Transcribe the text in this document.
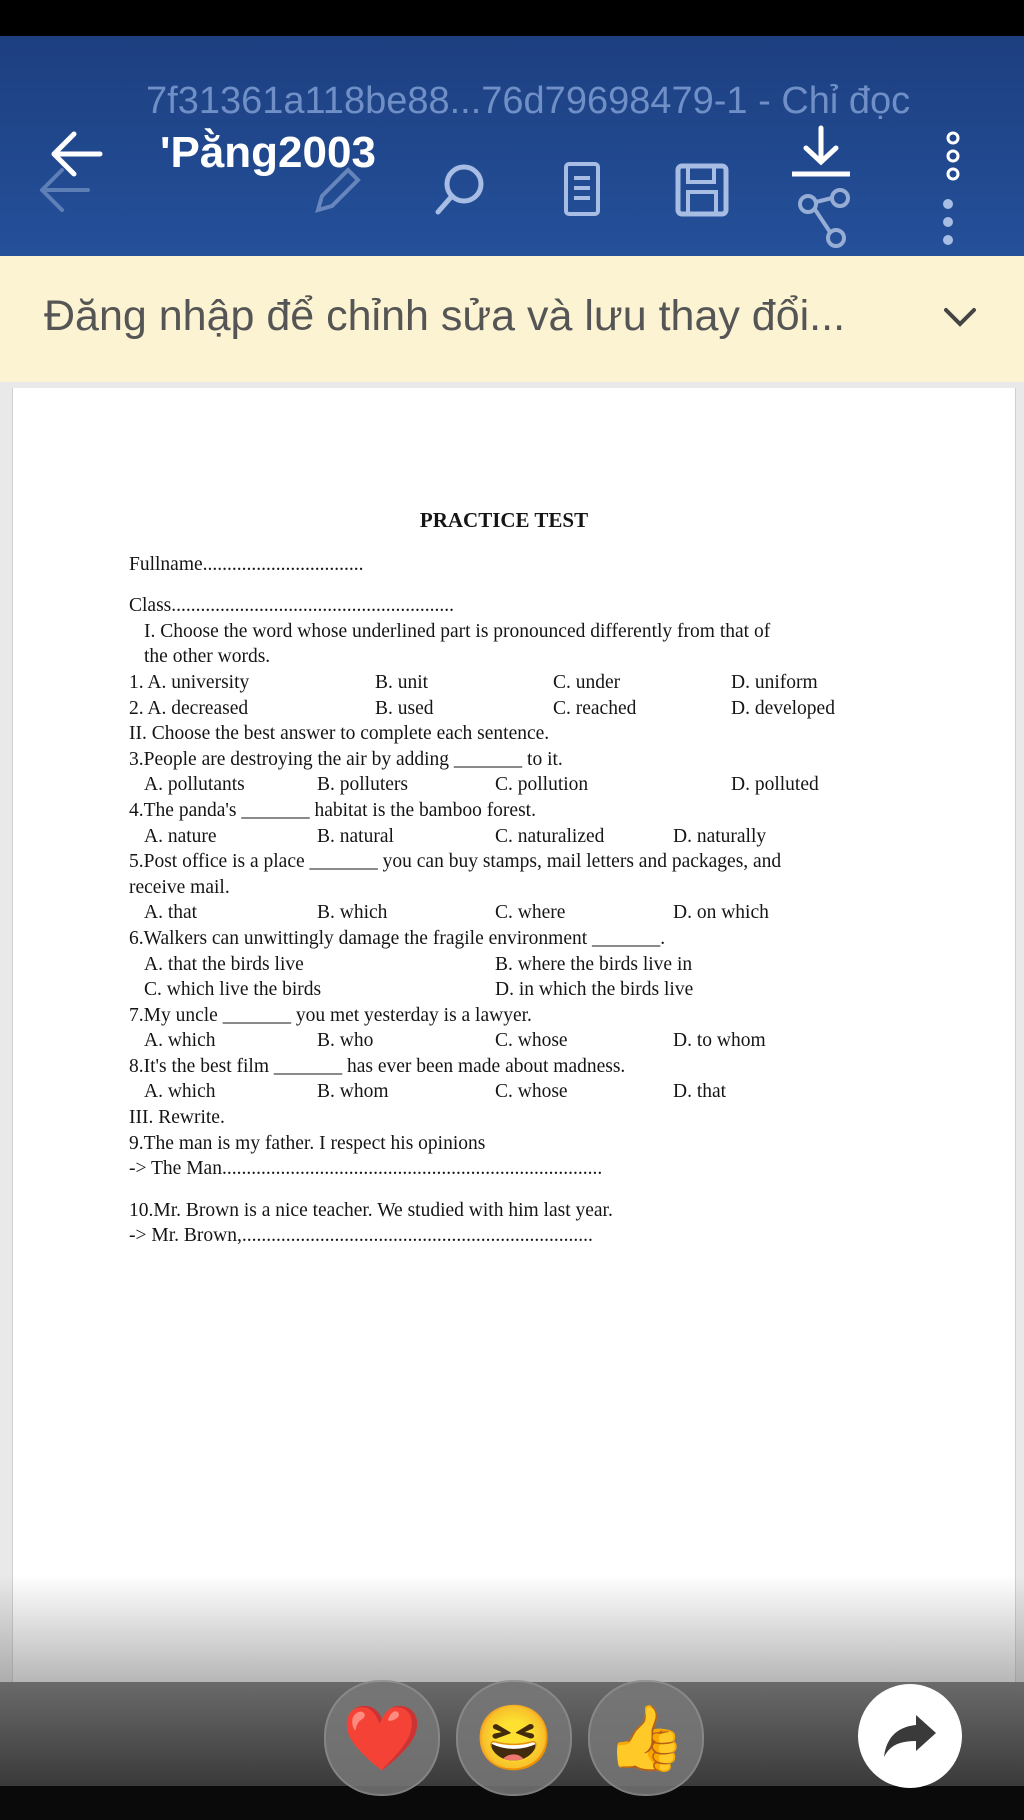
7f31361a118be88...76d79698479-1 - Chỉ đọc
'Pằng2003
Đăng nhập để chỉnh sửa và lưu thay đổi...
PRACTICE TEST
Fullname.................................
Class..........................................................
I. Choose the word whose underlined part is pronounced differently from that of
the other words.
1. A. university	B. unit	C. under	D. uniform
2. A. decreased	B. used	C. reached	D. developed
II. Choose the best answer to complete each sentence.
3.People are destroying the air by adding _______ to it.
A. pollutants	B. polluters	C. pollution	D. polluted
4.The panda's _______ habitat is the bamboo forest.
A. nature	B. natural	C. naturalized	D. naturally
5.Post office is a place _______ you can buy stamps, mail letters and packages, and
receive mail.
A. that	B. which	C. where	D. on which
6.Walkers can unwittingly damage the fragile environment _______.
A. that the birds live	B. where the birds live in
C. which live the birds	D. in which the birds live
7.My uncle _______ you met yesterday is a lawyer.
A. which	B. who	C. whose	D. to whom
8.It's the best film _______ has ever been made about madness.
A. which	B. whom	C. whose	D. that
III. Rewrite.
9.The man is my father. I respect his opinions
-> The Man..............................................................................
10.Mr. Brown is a nice teacher. We studied with him last year.
-> Mr. Brown,........................................................................
❤️ 😆 👍
